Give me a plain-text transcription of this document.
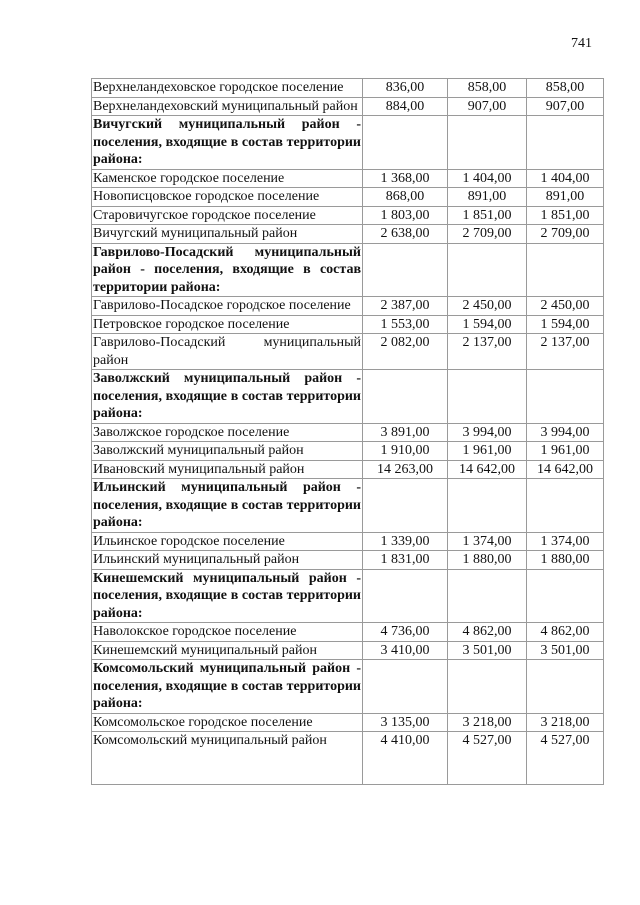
741
Верхнеландеховское городское поселение	836,00	858,00	858,00
Верхнеландеховский муниципальный район	884,00	907,00	907,00
Вичугский муниципальный район - поселения, входящие в состав территории района:			
Каменское городское поселение	1 368,00	1 404,00	1 404,00
Новописцовское городское поселение	868,00	891,00	891,00
Старовичугское городское поселение	1 803,00	1 851,00	1 851,00
Вичугский муниципальный район	2 638,00	2 709,00	2 709,00
Гаврилово-Посадский муниципальный район - поселения, входящие в состав территории района:			
Гаврилово-Посадское городское поселение	2 387,00	2 450,00	2 450,00
Петровское городское поселение	1 553,00	1 594,00	1 594,00
Гаврилово-Посадский муниципальный район	2 082,00	2 137,00	2 137,00
Заволжский муниципальный район - поселения, входящие в состав территории района:			
Заволжское городское поселение	3 891,00	3 994,00	3 994,00
Заволжский муниципальный район	1 910,00	1 961,00	1 961,00
Ивановский муниципальный район	14 263,00	14 642,00	14 642,00
Ильинский муниципальный район - поселения, входящие в состав территории района:			
Ильинское городское поселение	1 339,00	1 374,00	1 374,00
Ильинский муниципальный район	1 831,00	1 880,00	1 880,00
Кинешемский муниципальный район - поселения, входящие в состав территории района:			
Наволокское городское поселение	4 736,00	4 862,00	4 862,00
Кинешемский муниципальный район	3 410,00	3 501,00	3 501,00
Комсомольский муниципальный район - поселения, входящие в состав территории района:			
Комсомольское городское поселение	3 135,00	3 218,00	3 218,00
Комсомольский муниципальный район	4 410,00	4 527,00	4 527,00
